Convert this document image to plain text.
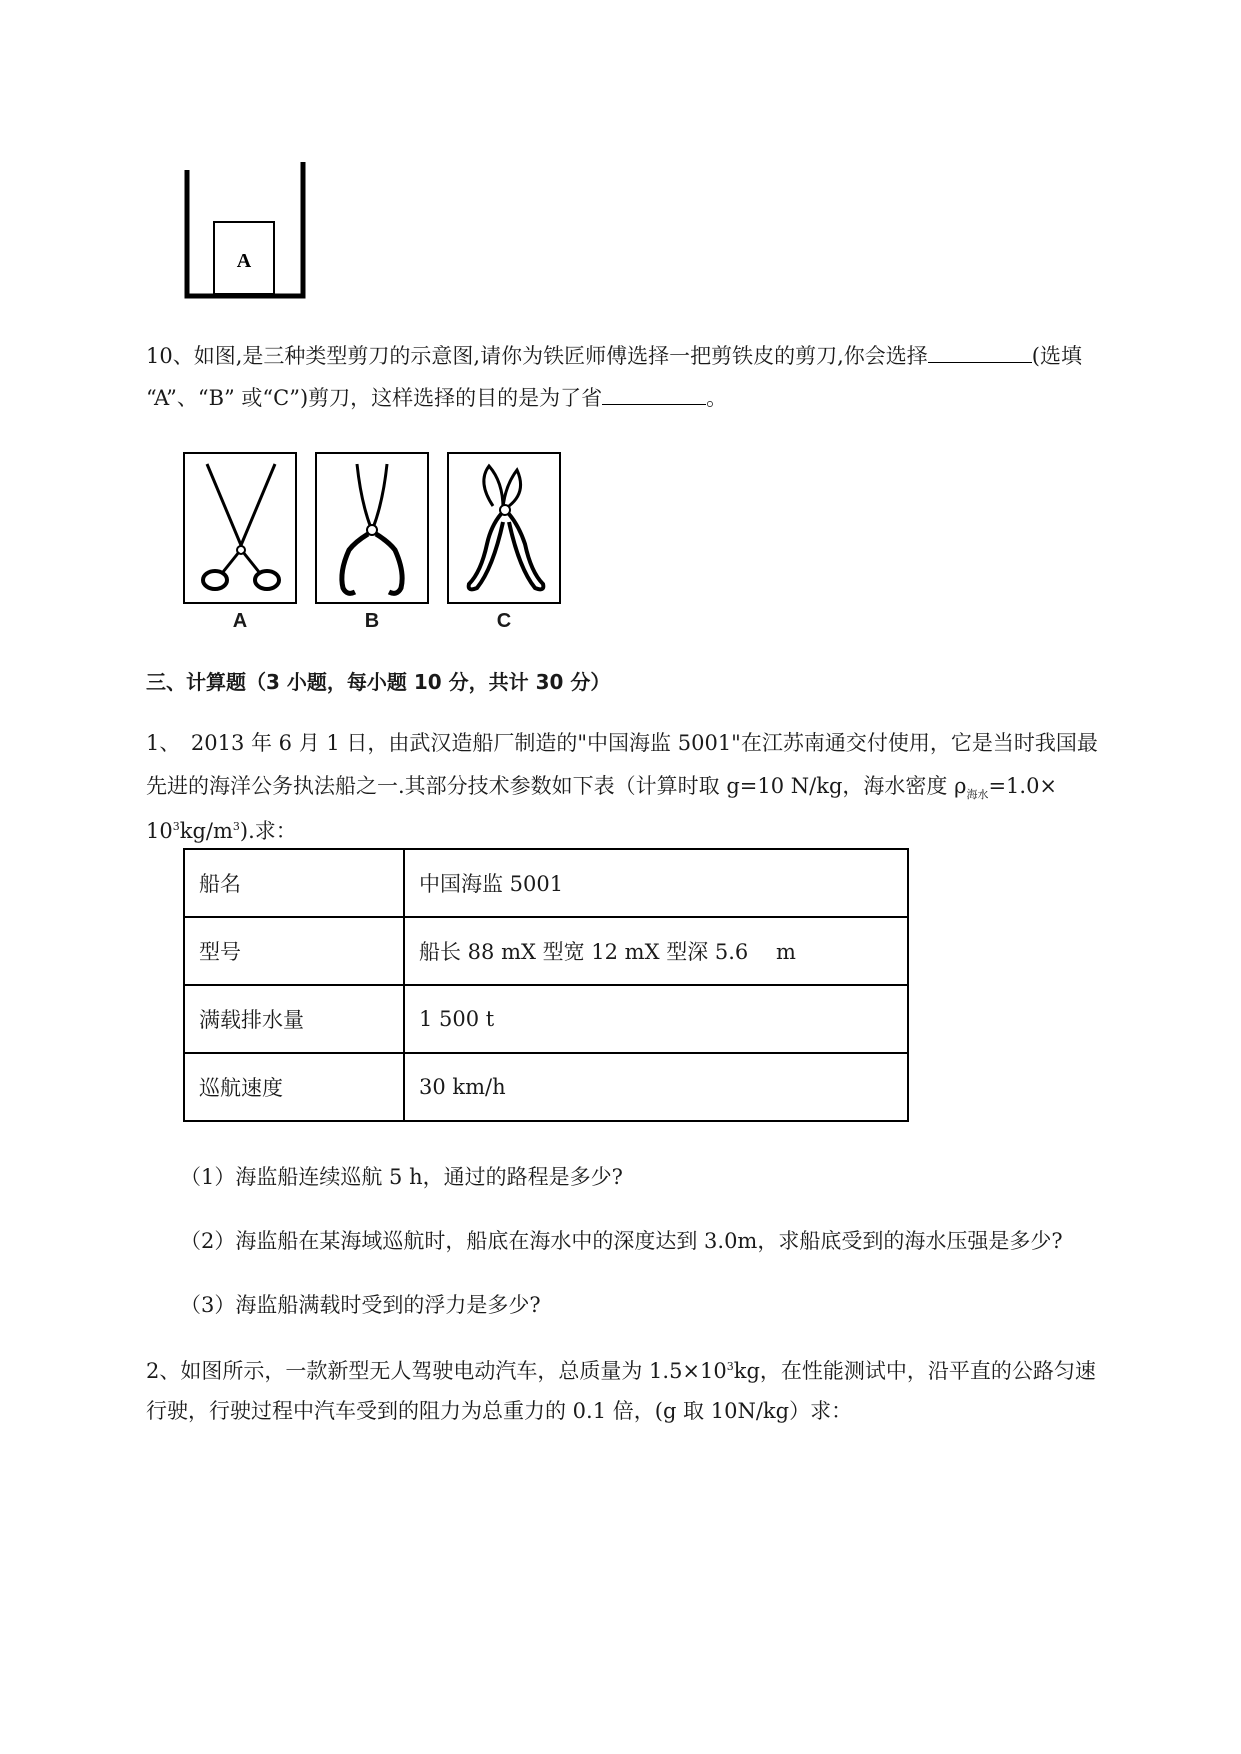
A
10、如图,是三种类型剪刀的示意图,请你为铁匠师傅选择一把剪铁皮的剪刀,你会选择	(选填
“A”、“B” 或“C”)剪刀，这样选择的目的是为了省	。
A	B	C
三、计算题（3 小题，每小题 10 分，共计 30 分）
1、　2013 年 6 月 1 日，由武汉造船厂制造的"中国海监 5001"在江苏南通交付使用，它是当时我国最
先进的海洋公务执法船之一.其部分技术参数如下表（计算时取 g=10 N/kg，海水密度 $\rho_{海水}=1.0\times$
$10^3kg/m^3$).求：
船名	中国海监 5001
型号	船长 88 mX 型宽 12 mX 型深 5.6　 m
满载排水量	1 500 t
巡航速度	30 km/h
（1）海监船连续巡航 5 h，通过的路程是多少?
（2）海监船在某海域巡航时，船底在海水中的深度达到 3.0m，求船底受到的海水压强是多少?
（3）海监船满载时受到的浮力是多少?
2、如图所示，一款新型无人驾驶电动汽车，总质量为 $1.5\times 10^3kg$，在性能测试中，沿平直的公路匀速
行驶，行驶过程中汽车受到的阻力为总重力的 0.1 倍，(g 取 10N/kg）求：
